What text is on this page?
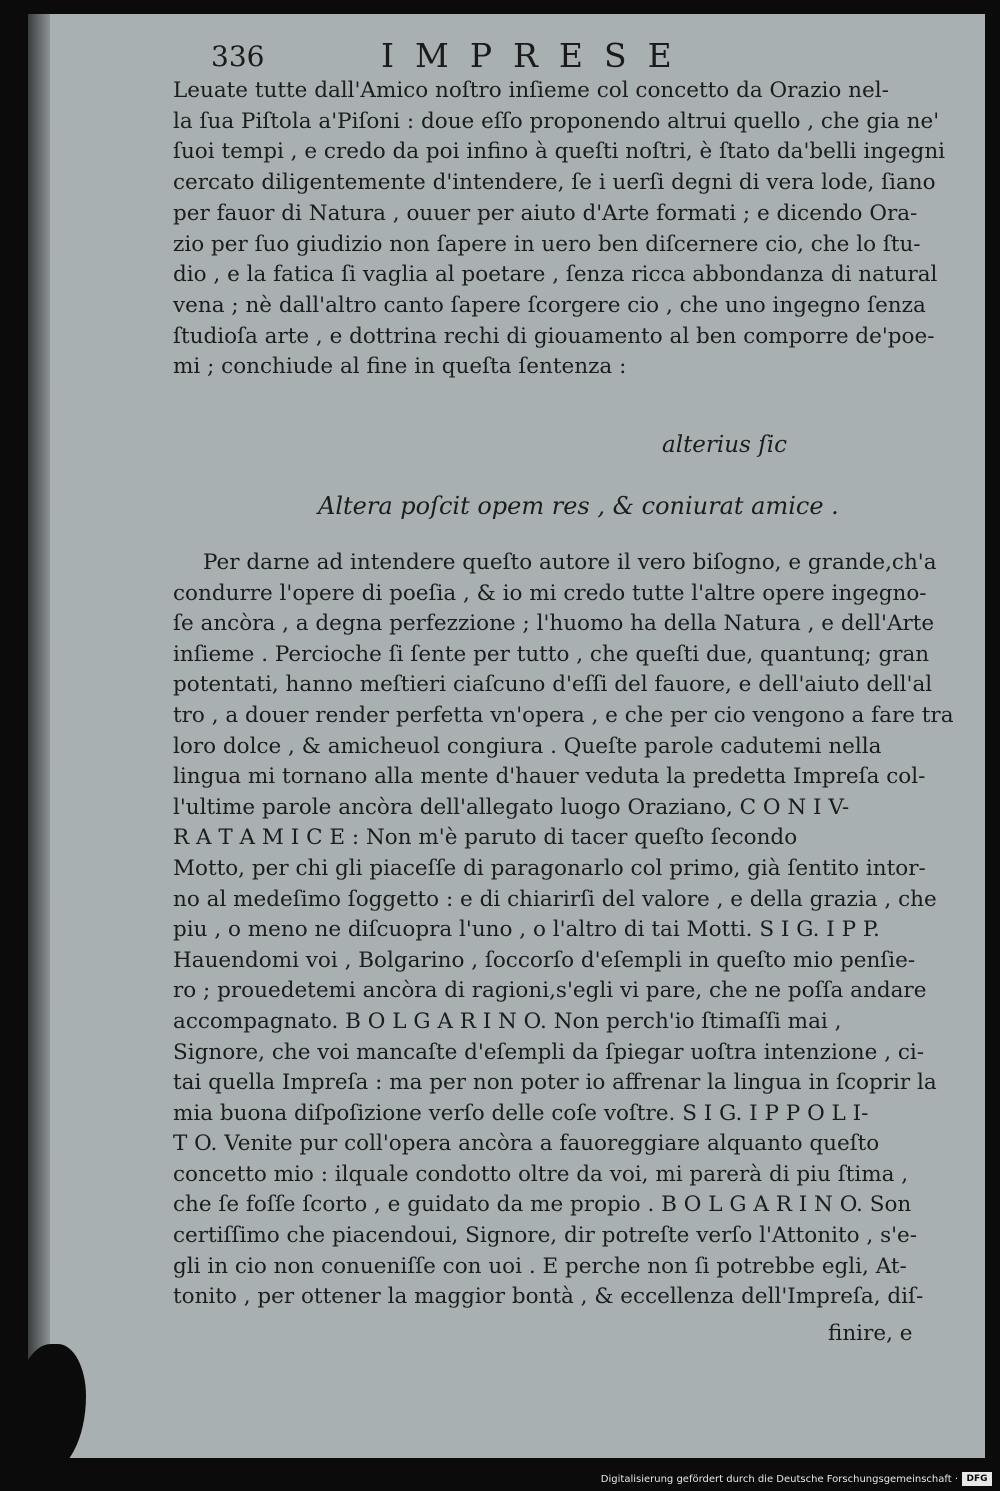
336	IMPRESE
Leuate tutte dall'Amico noſtro inſieme col concetto da Orazio nel-
la ſua Piſtola a'Piſoni : doue eſſo proponendo altrui quello , che gia ne'
ſuoi tempi , e credo da poi infino à queſti noſtri, è ſtato da'belli ingegni
cercato diligentemente d'intendere, ſe i uerſi degni di vera lode, ſiano
per fauor di Natura , ouuer per aiuto d'Arte formati ; e dicendo Ora-
zio per ſuo giudizio non ſapere in uero ben diſcernere cio, che lo ſtu-
dio , e la fatica ſi vaglia al poetare , ſenza ricca abbondanza di natural
vena ; nè dall'altro canto ſapere ſcorgere cio , che uno ingegno ſenza
ſtudioſa arte , e dottrina rechi di giouamento al ben comporre de'poe-
mi ; conchiude al fine in queſta ſentenza :
alterius ſic
Altera poſcit opem res , & coniurat amice .
Per darne ad intendere queſto autore il vero biſogno, e grande,ch'a
condurre l'opere di poeſia , & io mi credo tutte l'altre opere ingegno-
ſe ancòra , a degna perfezzione ; l'huomo ha della Natura , e dell'Arte
inſieme . Percioche ſi ſente per tutto , che queſti due, quantunq; gran
potentati, hanno meſtieri ciaſcuno d'eſſi del fauore, e dell'aiuto dell'al
tro , a douer render perfetta vn'opera , e che per cio vengono a fare tra
loro dolce , & amicheuol congiura . Queſte parole cadutemi nella
lingua mi tornano alla mente d'hauer veduta la predetta Impreſa col-
l'ultime parole ancòra dell'allegato luogo Oraziano, C O N I V-
R A T A M I C E : Non m'è paruto di tacer queſto ſecondo
Motto, per chi gli piaceſſe di paragonarlo col primo, già ſentito intor-
no al medeſimo ſoggetto : e di chiarirſi del valore , e della grazia , che
piu , o meno ne diſcuopra l'uno , o l'altro di tai Motti. S I G. I P P.
Hauendomi voi , Bolgarino , ſoccorſo d'eſempli in queſto mio penſie-
ro ; prouedetemi ancòra di ragioni,s'egli vi pare, che ne poſſa andare
accompagnato. B O L G A R I N O. Non perch'io ſtimaſſi mai ,
Signore, che voi mancaſte d'eſempli da ſpiegar uoſtra intenzione , ci-
tai quella Impreſa : ma per non poter io affrenar la lingua in ſcoprir la
mia buona diſpoſizione verſo delle coſe voſtre. S I G. I P P O L I-
T O. Venite pur coll'opera ancòra a fauoreggiare alquanto queſto
concetto mio : ilquale condotto oltre da voi, mi parerà di piu ſtima ,
che ſe foſſe ſcorto , e guidato da me propio . B O L G A R I N O. Son
certiſſimo che piacendoui, Signore, dir potreſte verſo l'Attonito , s'e-
gli in cio non conueniſſe con uoi . E perche non ſi potrebbe egli, At-
tonito , per ottener la maggior bontà , & eccellenza dell'Impreſa, diſ-
finire, e
Digitalisierung gefördert durch die Deutsche Forschungsgemeinschaft · DFG
